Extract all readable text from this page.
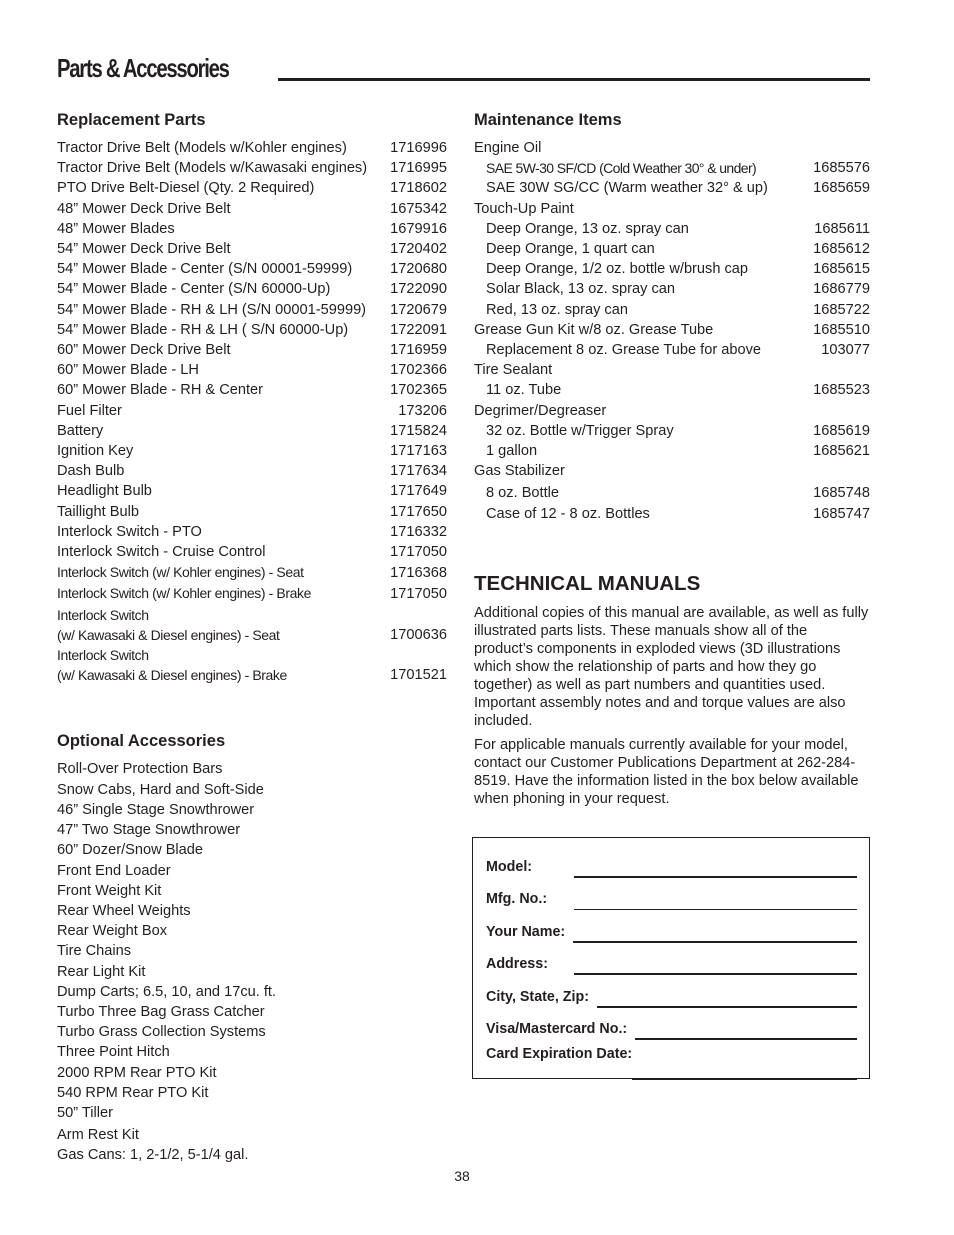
Parts & Accessories
Replacement Parts
Tractor Drive Belt (Models w/Kohler engines)	1716996
Tractor Drive Belt (Models w/Kawasaki engines) 1716995
PTO Drive Belt-Diesel (Qty. 2 Required)	1718602
48” Mower Deck Drive Belt	1675342
48” Mower Blades	1679916
54” Mower Deck Drive Belt	1720402
54” Mower Blade - Center (S/N 00001-59999)	1720680
54” Mower Blade - Center (S/N 60000-Up)	1722090
54” Mower Blade - RH & LH (S/N 00001-59999) 1720679
54” Mower Blade - RH & LH ( S/N 60000-Up)	1722091
60” Mower Deck Drive Belt	1716959
60” Mower Blade - LH	1702366
60” Mower Blade - RH & Center	1702365
Fuel Filter	173206
Battery	1715824
Ignition Key	1717163
Dash Bulb	1717634
Headlight Bulb	1717649
Taillight Bulb	1717650
Interlock Switch - PTO	1716332
Interlock Switch - Cruise Control	1717050
Interlock Switch (w/ Kohler engines) - Seat	1716368
Interlock Switch (w/ Kohler engines) - Brake	1717050
Interlock Switch
(w/ Kawasaki & Diesel engines) - Seat	1700636
Interlock Switch
(w/ Kawasaki & Diesel engines) - Brake	1701521
Optional Accessories
Roll-Over Protection Bars
Snow Cabs, Hard and Soft-Side
46” Single Stage Snowthrower
47” Two Stage Snowthrower
60” Dozer/Snow Blade
Front End Loader
Front Weight Kit
Rear Wheel Weights
Rear Weight Box
Tire Chains
Rear Light Kit
Dump Carts; 6.5, 10, and 17cu. ft.
Turbo Three Bag Grass Catcher
Turbo Grass Collection Systems
Three Point Hitch
2000 RPM Rear PTO Kit
540 RPM Rear PTO Kit
50” Tiller
Arm Rest Kit
Gas Cans: 1, 2-1/2, 5-1/4 gal.
Maintenance Items
Engine Oil
SAE 5W-30 SF/CD (Cold Weather 30° & under)	1685576
SAE 30W SG/CC (Warm weather 32° & up)	1685659
Touch-Up Paint
Deep Orange, 13 oz. spray can	1685611
Deep Orange, 1 quart can	1685612
Deep Orange, 1/2 oz. bottle w/brush cap	1685615
Solar Black, 13 oz. spray can	1686779
Red, 13 oz. spray can	1685722
Grease Gun Kit w/8 oz. Grease Tube	1685510
Replacement 8 oz. Grease Tube for above	103077
Tire Sealant
11 oz. Tube	1685523
Degrimer/Degreaser
32 oz. Bottle w/Trigger Spray	1685619
1 gallon	1685621
Gas Stabilizer
8 oz. Bottle	1685748
Case of 12 - 8 oz. Bottles	1685747
TECHNICAL MANUALS

Additional copies of this manual are available, as well as fully illustrated parts lists. These manuals show all of the product’s components in exploded views (3D illustrations which show the relationship of parts and how they go together) as well as part numbers and quantities used. Important assembly notes and and torque values are also included.

For applicable manuals currently available for your model, contact our Customer Publications Department at 262-284-8519. Have the information listed in the box below available when phoning in your request.

Model:
Mfg. No.:
Your Name:
Address:
City, State, Zip:
Visa/Mastercard No.:
Card Expiration Date:
38
